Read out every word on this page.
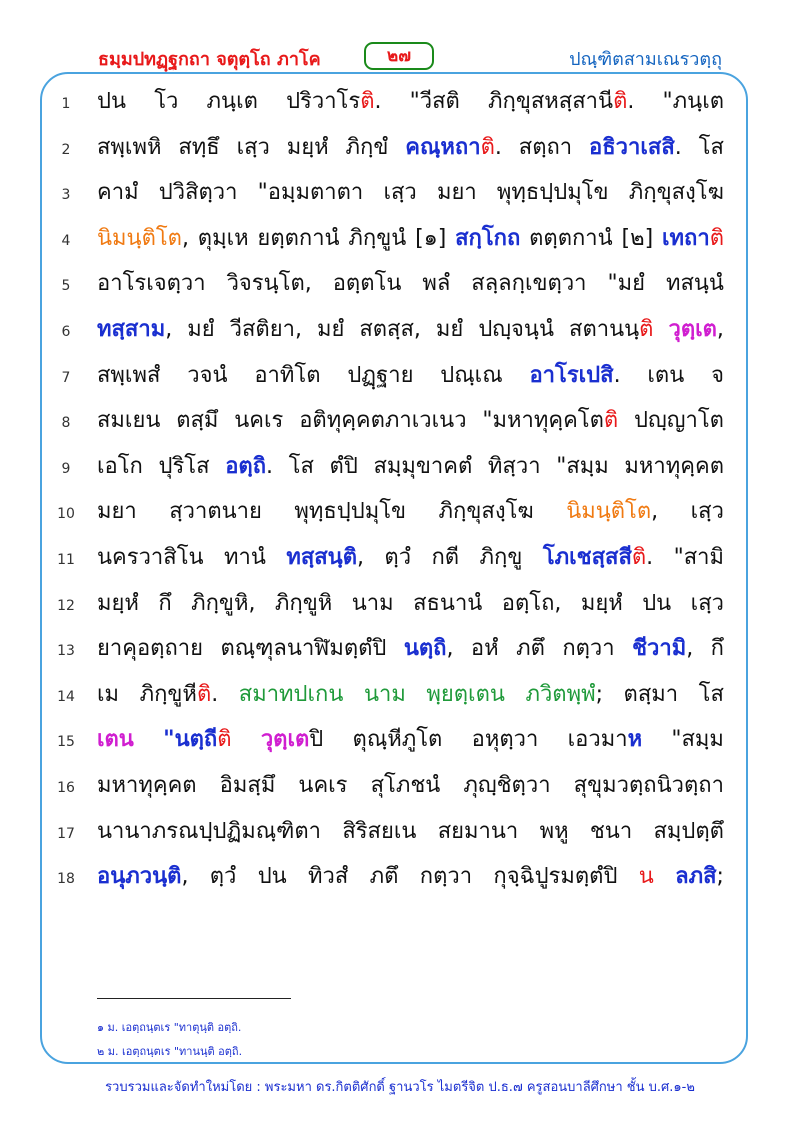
ธมฺมปทฏฺฐกถา จตุตฺโถ ภาโค	๒๗	ปณฺฑิตสามเณรวตฺถุ
1	ปน โว ภนฺเต ปริวาโรติ. "วีสติ ภิกฺขุสหสฺสานีติ. "ภนฺเต
2	สพฺเพหิ สทฺธึ เสฺว มยฺหํ ภิกฺขํ คณฺหถาติ. สตฺถา อธิวาเสสิ. โส
3	คามํ ปวิสิตฺวา "อมฺมตาตา เสฺว มยา พุทฺธปฺปมุโข ภิกฺขุสงฺโฆ
4	นิมนฺติโต, ตุมฺเห ยตฺตกานํ ภิกฺขูนํ [๑] สกฺโกถ ตตฺตกานํ [๒] เทถาติ
5	อาโรเจตฺวา วิจรนฺโต, อตฺตโน พลํ สลฺลกฺเขตฺวา "มยํ ทสนฺนํ
6	ทสฺสาม, มยํ วีสติยา, มยํ สตสฺส, มยํ ปญฺจนฺนํ สตานนฺติ วุตฺเต,
7	สพฺเพสํ วจนํ อาทิโต ปฏฺฐาย ปณฺเณ อาโรเปสิ. เตน จ
8	สมเยน ตสฺมึ นคเร อติทุคฺคตภาเวเนว "มหาทุคฺคโตติ ปญฺญาโต
9	เอโก ปุริโส อตฺถิ. โส ตํปิ สมฺมุขาคตํ ทิสฺวา "สมฺม มหาทุคฺคต
10	มยา สฺวาตนาย พุทฺธปฺปมุโข ภิกฺขุสงฺโฆ นิมนฺติโต, เสฺว
11	นครวาสิโน ทานํ ทสฺสนฺติ, ตฺวํ กตี ภิกฺขู โภเชสฺสสีติ. "สามิ
12	มยฺหํ กึ ภิกฺขูหิ, ภิกฺขูหิ นาม สธนานํ อตฺโถ, มยฺหํ ปน เสฺว
13	ยาคุอตฺถาย ตณฺฑุลนาฬิมตฺตํปิ นตฺถิ, อหํ ภตึ กตฺวา ชีวามิ, กึ
14	เม ภิกฺขูหีติ. สมาทปเกน นาม พฺยตฺเตน ภวิตพฺพํ; ตสฺมา โส
15	เตน "นตฺถีติ วุตฺเตปิ ตุณฺหีภูโต อหุตฺวา เอวมาห "สมฺม
16	มหาทุคฺคต อิมสฺมึ นคเร สุโภชนํ ภุญฺชิตฺวา สุขุมวตฺถนิวตฺถา
17	นานาภรณปฺปฏิมณฺฑิตา สิริสยเน สยมานา พหู ชนา สมฺปตฺตึ
18	อนุภวนฺติ, ตฺวํ ปน ทิวสํ ภตึ กตฺวา กุจฺฉิปูรมตฺตํปิ น ลภสิ;
๑ ม. เอตฺถนฺตเร "ทาตุนฺติ อตฺถิ.
๒ ม. เอตฺถนฺตเร "ทานนฺติ อตฺถิ.
รวบรวมและจัดทำใหม่โดย : พระมหา ดร.กิตติศักดิ์ ฐานวโร ไมตรีจิต ป.ธ.๗ ครูสอนบาลีศึกษา ชั้น บ.ศ.๑-๒
